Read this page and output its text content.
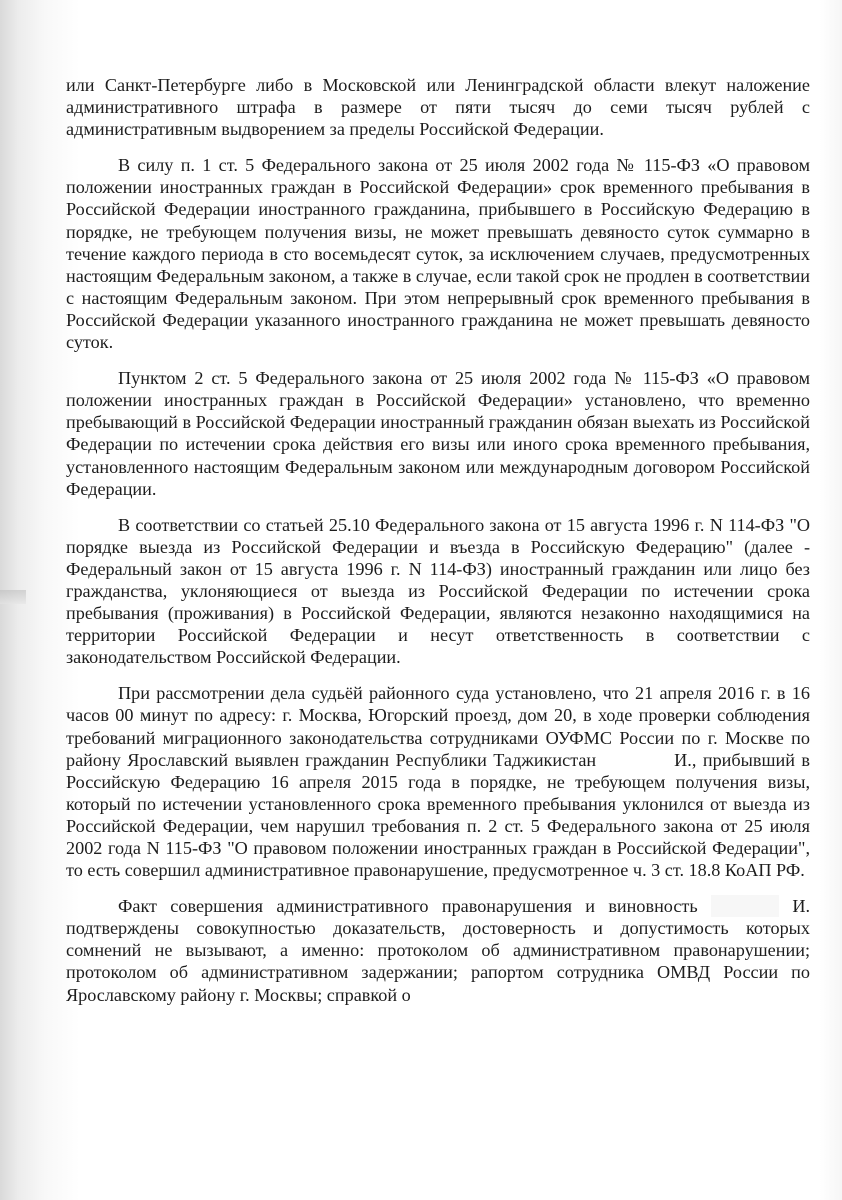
или Санкт-Петербурге либо в Московской или Ленинградской области влекут наложение административного штрафа в размере от пяти тысяч до семи тысяч рублей с административным выдворением за пределы Российской Федерации.

В силу п. 1 ст. 5 Федерального закона от 25 июля 2002 года № 115-ФЗ «О правовом положении иностранных граждан в Российской Федерации» срок временного пребывания в Российской Федерации иностранного гражданина, прибывшего в Российскую Федерацию в порядке, не требующем получения визы, не может превышать девяносто суток суммарно в течение каждого периода в сто восемьдесят суток, за исключением случаев, предусмотренных настоящим Федеральным законом, а также в случае, если такой срок не продлен в соответствии с настоящим Федеральным законом. При этом непрерывный срок временного пребывания в Российской Федерации указанного иностранного гражданина не может превышать девяносто суток.

Пунктом 2 ст. 5 Федерального закона от 25 июля 2002 года № 115-ФЗ «О правовом положении иностранных граждан в Российской Федерации» установлено, что временно пребывающий в Российской Федерации иностранный гражданин обязан выехать из Российской Федерации по истечении срока действия его визы или иного срока временного пребывания, установленного настоящим Федеральным законом или международным договором Российской Федерации.

В соответствии со статьей 25.10 Федерального закона от 15 августа 1996 г. N 114-ФЗ "О порядке выезда из Российской Федерации и въезда в Российскую Федерацию" (далее - Федеральный закон от 15 августа 1996 г. N 114-ФЗ) иностранный гражданин или лицо без гражданства, уклоняющиеся от выезда из Российской Федерации по истечении срока пребывания (проживания) в Российской Федерации, являются незаконно находящимися на территории Российской Федерации и несут ответственность в соответствии с законодательством Российской Федерации.

При рассмотрении дела судьёй районного суда установлено, что 21 апреля 2016 г. в 16 часов 00 минут по адресу: г. Москва, Югорский проезд, дом 20, в ходе проверки соблюдения требований миграционного законодательства сотрудниками ОУФМС России по г. Москве по району Ярославский выявлен гражданин Республики Таджикистан	И., прибывший в Российскую Федерацию 16 апреля 2015 года в порядке, не требующем получения визы, который по истечении установленного срока временного пребывания уклонился от выезда из Российской Федерации, чем нарушил требования п. 2 ст. 5 Федерального закона от 25 июля 2002 года N 115-ФЗ "О правовом положении иностранных граждан в Российской Федерации", то есть совершил административное правонарушение, предусмотренное ч. 3 ст. 18.8 КоАП РФ.

Факт совершения административного правонарушения и виновность	И. подтверждены совокупностью доказательств, достоверность и допустимость которых сомнений не вызывают, а именно: протоколом об административном правонарушении; протоколом об административном задержании; рапортом сотрудника ОМВД России по Ярославскому району г. Москвы; справкой о
